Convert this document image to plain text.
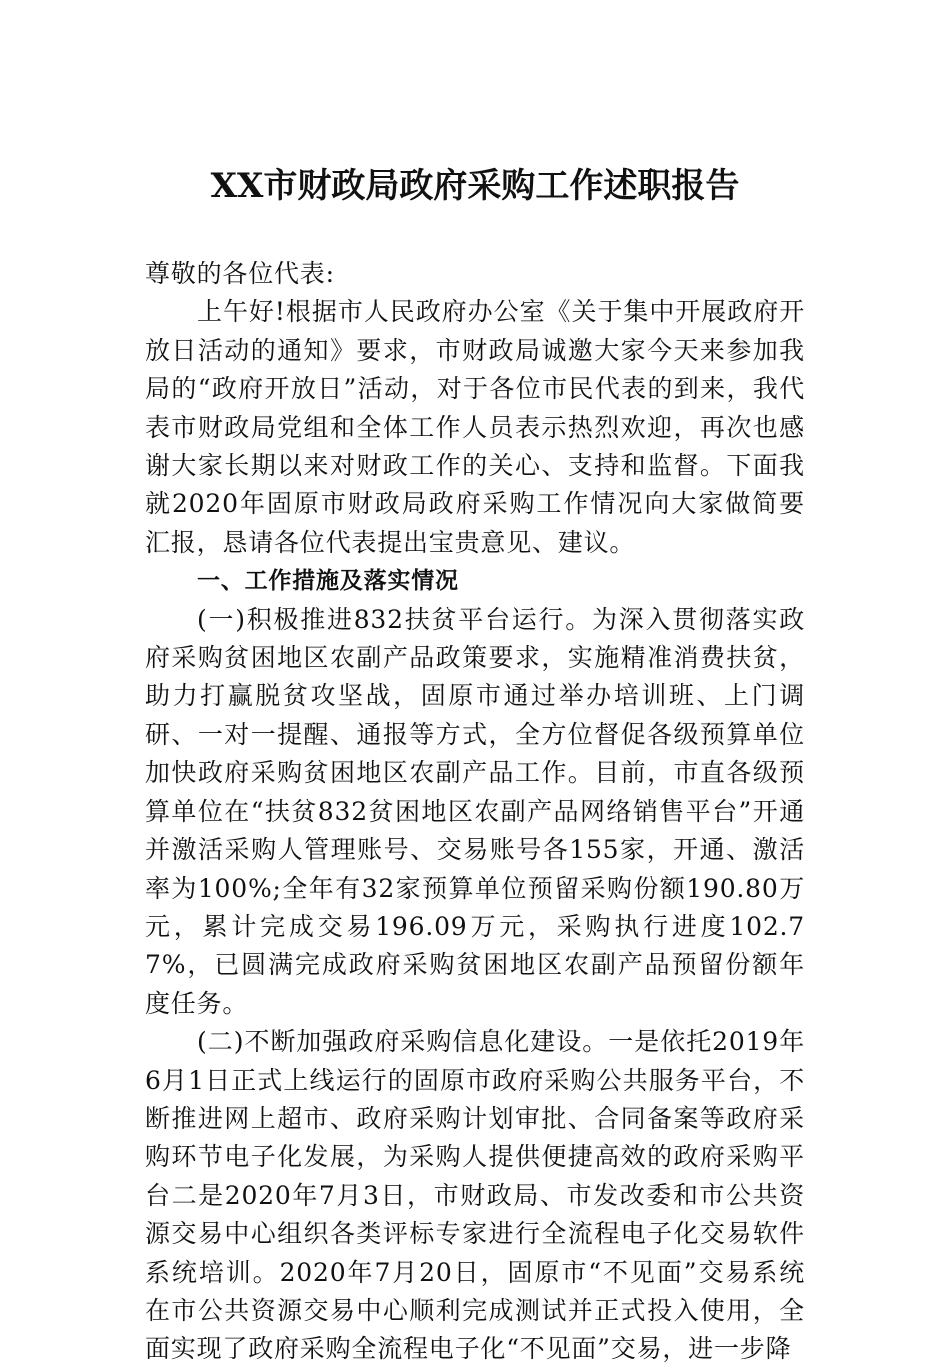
XX市财政局政府采购工作述职报告

尊敬的各位代表:

上午好!根据市人民政府办公室《关于集中开展政府开放日活动的通知》要求，市财政局诚邀大家今天来参加我局的“政府开放日”活动，对于各位市民代表的到来，我代表市财政局党组和全体工作人员表示热烈欢迎，再次也感谢大家长期以来对财政工作的关心、支持和监督。下面我就2020年固原市财政局政府采购工作情况向大家做简要汇报，恳请各位代表提出宝贵意见、建议。

一、工作措施及落实情况

(一)积极推进832扶贫平台运行。为深入贯彻落实政府采购贫困地区农副产品政策要求，实施精准消费扶贫，助力打赢脱贫攻坚战，固原市通过举办培训班、上门调研、一对一提醒、通报等方式，全方位督促各级预算单位加快政府采购贫困地区农副产品工作。目前，市直各级预算单位在“扶贫832贫困地区农副产品网络销售平台”开通并激活采购人管理账号、交易账号各155家，开通、激活率为100%;全年有32家预算单位预留采购份额190.80万元，累计完成交易196.09万元，采购执行进度102.77%，已圆满完成政府采购贫困地区农副产品预留份额年度任务。

(二)不断加强政府采购信息化建设。一是依托2019年6月1日正式上线运行的固原市政府采购公共服务平台，不断推进网上超市、政府采购计划审批、合同备案等政府采购环节电子化发展，为采购人提供便捷高效的政府采购平台二是2020年7月3日，市财政局、市发改委和市公共资源交易中心组织各类评标专家进行全流程电子化交易软件系统培训。2020年7月20日，固原市“不见面”交易系统在市公共资源交易中心顺利完成测试并正式投入使用，全面实现了政府采购全流程电子化“不见面”交易，进一步降
